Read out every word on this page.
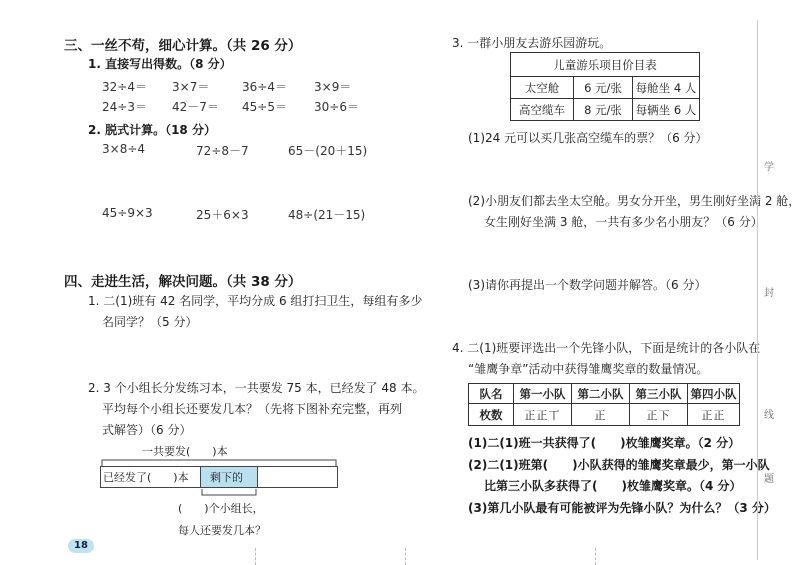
三、一丝不苟，细心计算。（共 26 分）
1. 直接写出得数。（8 分）
32÷4＝ 3×7＝	36÷4＝ 3×9＝
24÷3＝ 42－7＝ 45÷5＝ 30÷6＝
2. 脱式计算。（18 分）
3×8÷4	72÷8－7	65－(20＋15)
45÷9×3	25＋6×3	48÷(21－15)
四、走进生活，解决问题。（共 38 分）
1. 二(1)班有 42 名同学，平均分成 6 组打扫卫生，每组有多少
名同学？（5 分）
2. 3 个小组长分发练习本，一共要发 75 本，已经发了 48 本。
平均每个小组长还要发几本？（先将下图补充完整，再列
式解答）（6 分）
一共要发(　　)本
已经发了(　　)本 剩下的
(　　)个小组长，
每人还要发几本？
18
3. 一群小朋友去游乐园游玩。
儿童游乐项目价目表		
太空舱	6 元/张	每舱坐 4 人
高空缆车	8 元/张	每辆坐 6 人
(1)24 元可以买几张高空缆车的票？（6 分）
(2)小朋友们都去坐太空舱。男女分开坐，男生刚好坐满 2 舱，
女生刚好坐满 3 舱，一共有多少名小朋友？（6 分）
(3)请你再提出一个数学问题并解答。（6 分）
4. 二(1)班要评选出一个先锋小队，下面是统计的各小队在
“雏鹰争章”活动中获得雏鹰奖章的数量情况。
队名	第一小队	第二小队	第三小队	第四小队
枚数	正正丅	正	正下	正正
(1)二(1)班一共获得了(　　)枚雏鹰奖章。（2 分）
(2)二(1)班第(　　)小队获得的雏鹰奖章最少，第一小队
比第三小队多获得了(　　)枚雏鹰奖章。（4 分）
(3)第几小队最有可能被评为先锋小队？为什么？（3 分）
学
封
线
题
